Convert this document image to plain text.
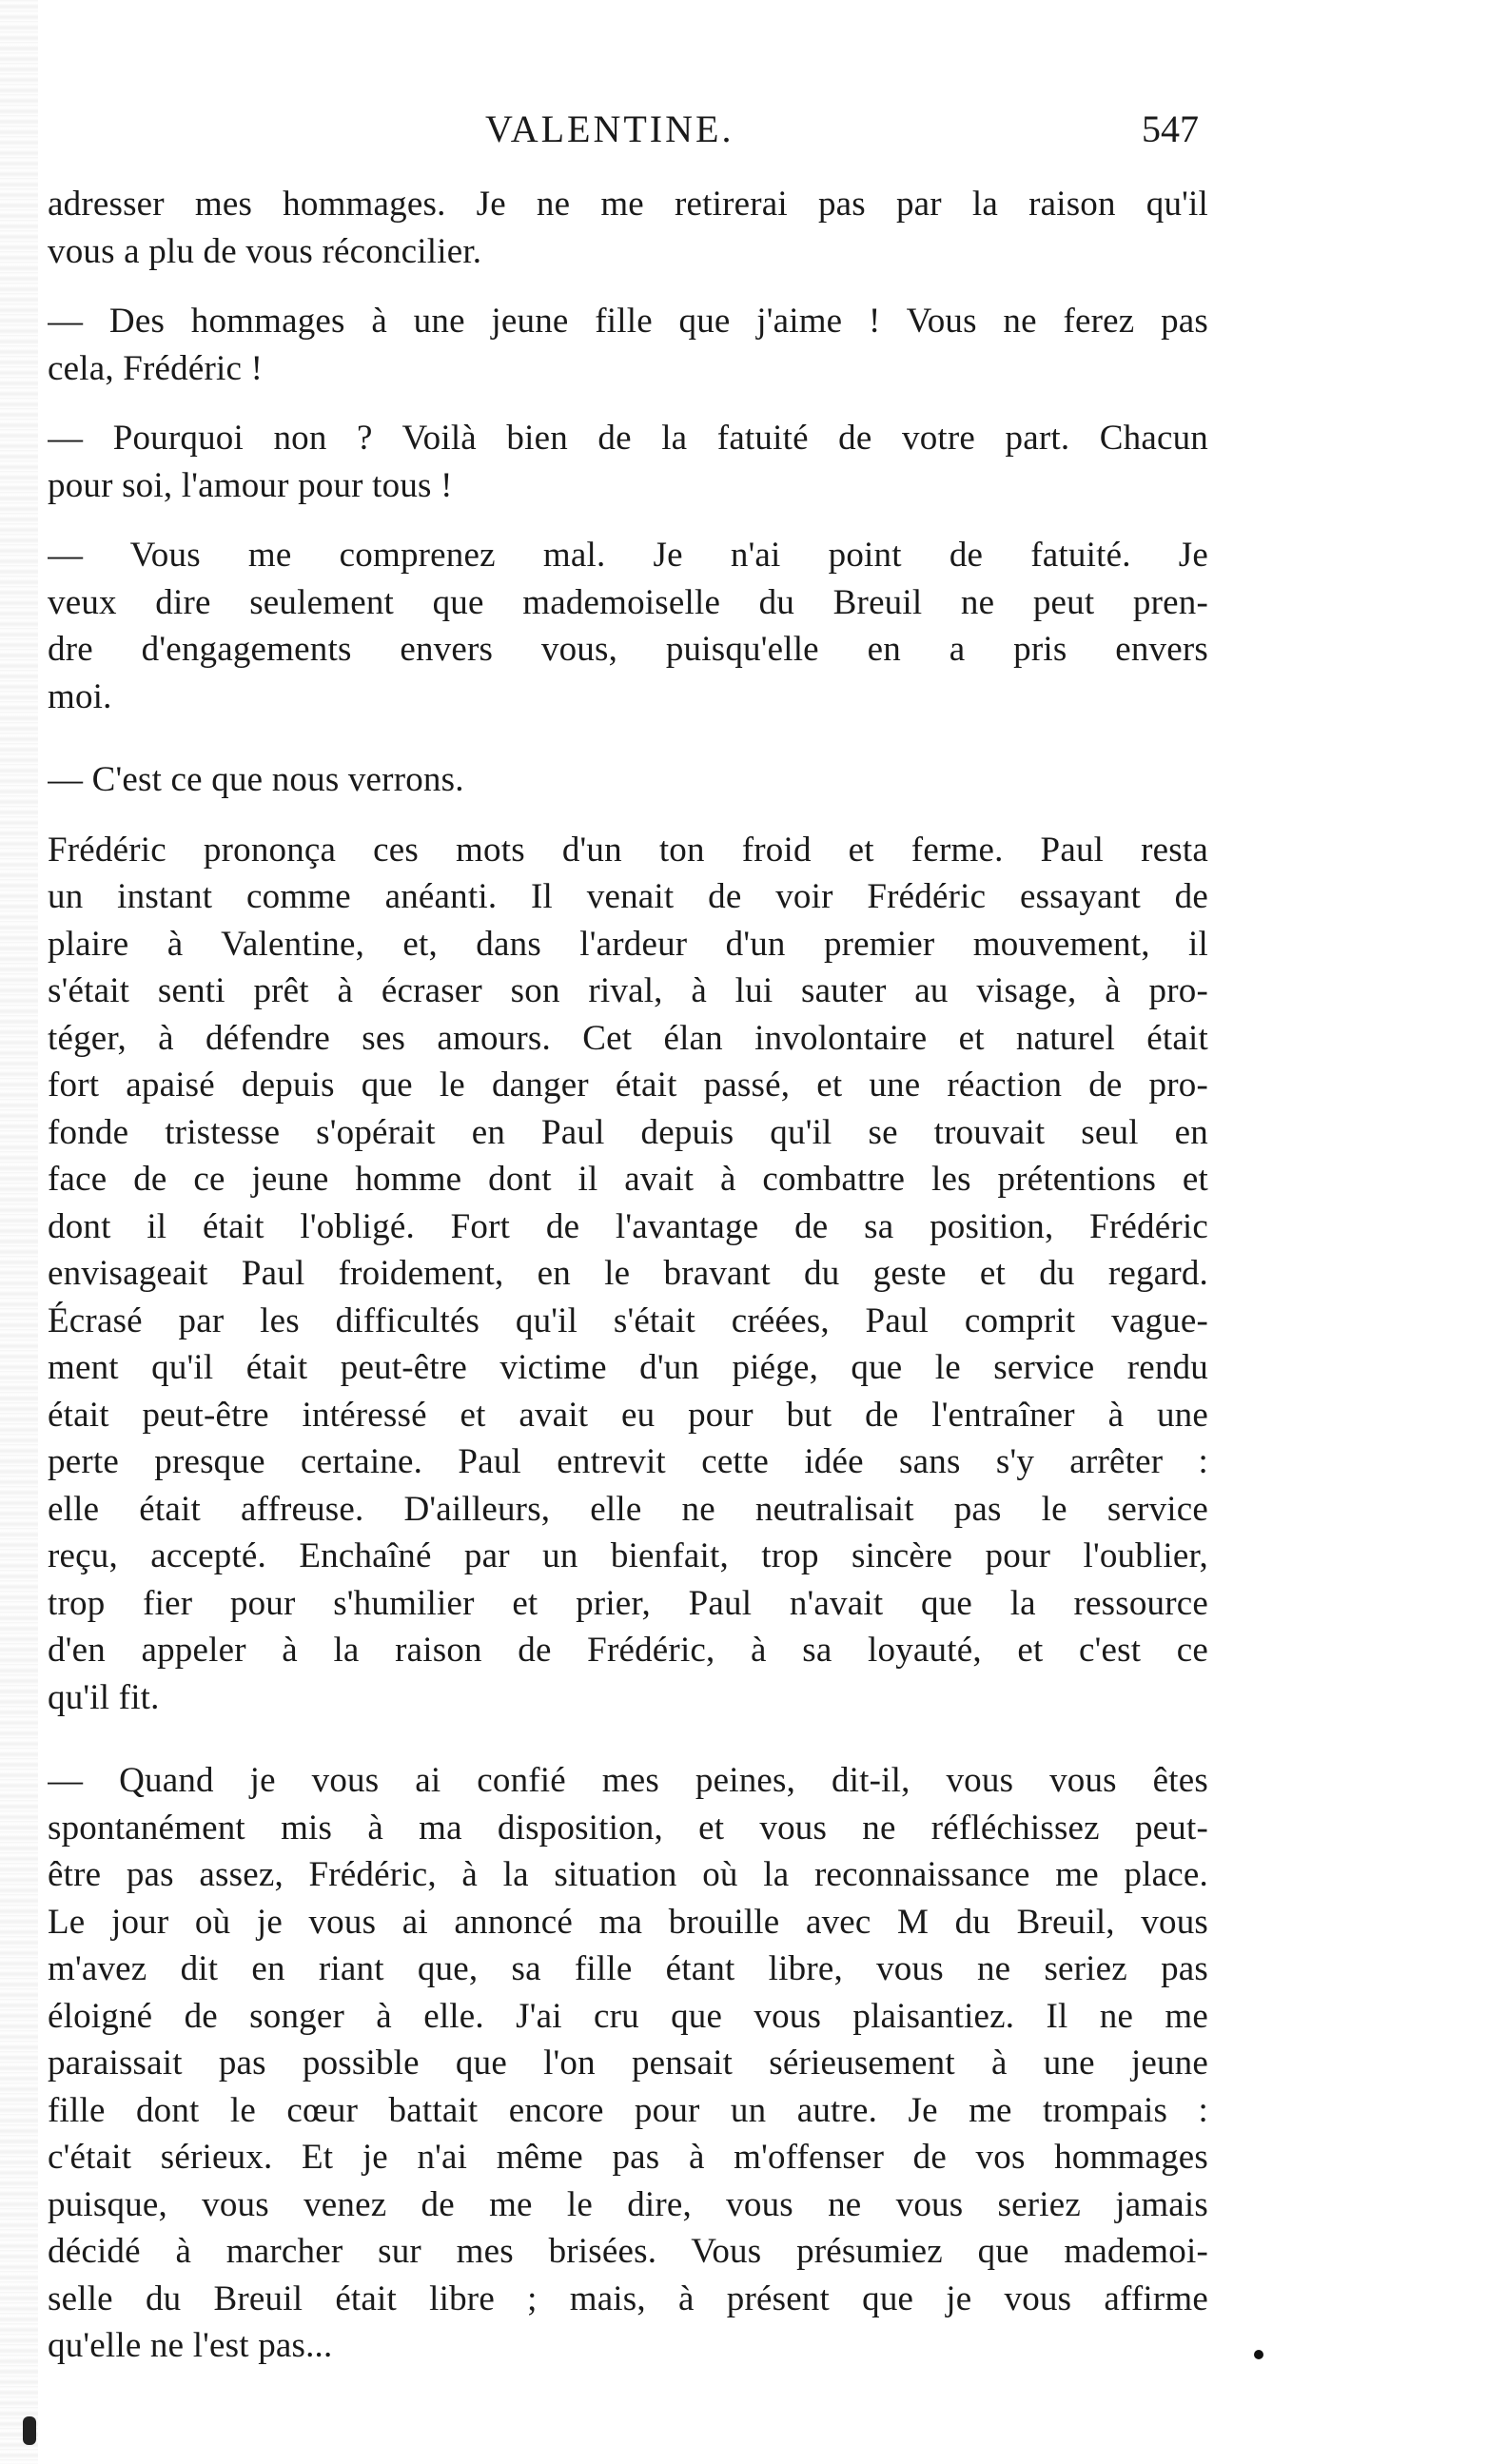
VALENTINE.	547
adresser mes hommages. Je ne me retirerai pas par la raison qu'il
vous a plu de vous réconcilier.
— Des hommages à une jeune fille que j'aime ! Vous ne ferez pas
cela, Frédéric !
— Pourquoi non ? Voilà bien de la fatuité de votre part. Chacun
pour soi, l'amour pour tous !
— Vous me comprenez mal. Je n'ai point de fatuité. Je
veux dire seulement que mademoiselle du Breuil ne peut pren-
dre d'engagements envers vous, puisqu'elle en a pris envers
moi.
— C'est ce que nous verrons.
Frédéric prononça ces mots d'un ton froid et ferme. Paul resta
un instant comme anéanti. Il venait de voir Frédéric essayant de
plaire à Valentine, et, dans l'ardeur d'un premier mouvement, il
s'était senti prêt à écraser son rival, à lui sauter au visage, à pro-
téger, à défendre ses amours. Cet élan involontaire et naturel était
fort apaisé depuis que le danger était passé, et une réaction de pro-
fonde tristesse s'opérait en Paul depuis qu'il se trouvait seul en
face de ce jeune homme dont il avait à combattre les prétentions et
dont il était l'obligé. Fort de l'avantage de sa position, Frédéric
envisageait Paul froidement, en le bravant du geste et du regard.
Écrasé par les difficultés qu'il s'était créées, Paul comprit vague-
ment qu'il était peut-être victime d'un piége, que le service rendu
était peut-être intéressé et avait eu pour but de l'entraîner à une
perte presque certaine. Paul entrevit cette idée sans s'y arrêter :
elle était affreuse. D'ailleurs, elle ne neutralisait pas le service
reçu, accepté. Enchaîné par un bienfait, trop sincère pour l'oublier,
trop fier pour s'humilier et prier, Paul n'avait que la ressource
d'en appeler à la raison de Frédéric, à sa loyauté, et c'est ce
qu'il fit.
— Quand je vous ai confié mes peines, dit-il, vous vous êtes
spontanément mis à ma disposition, et vous ne réfléchissez peut-
être pas assez, Frédéric, à la situation où la reconnaissance me place.
Le jour où je vous ai annoncé ma brouille avec M du Breuil, vous
m'avez dit en riant que, sa fille étant libre, vous ne seriez pas
éloigné de songer à elle. J'ai cru que vous plaisantiez. Il ne me
paraissait pas possible que l'on pensait sérieusement à une jeune
fille dont le cœur battait encore pour un autre. Je me trompais :
c'était sérieux. Et je n'ai même pas à m'offenser de vos hommages
puisque, vous venez de me le dire, vous ne vous seriez jamais
décidé à marcher sur mes brisées. Vous présumiez que mademoi-
selle du Breuil était libre ; mais, à présent que je vous affirme
qu'elle ne l'est pas...
